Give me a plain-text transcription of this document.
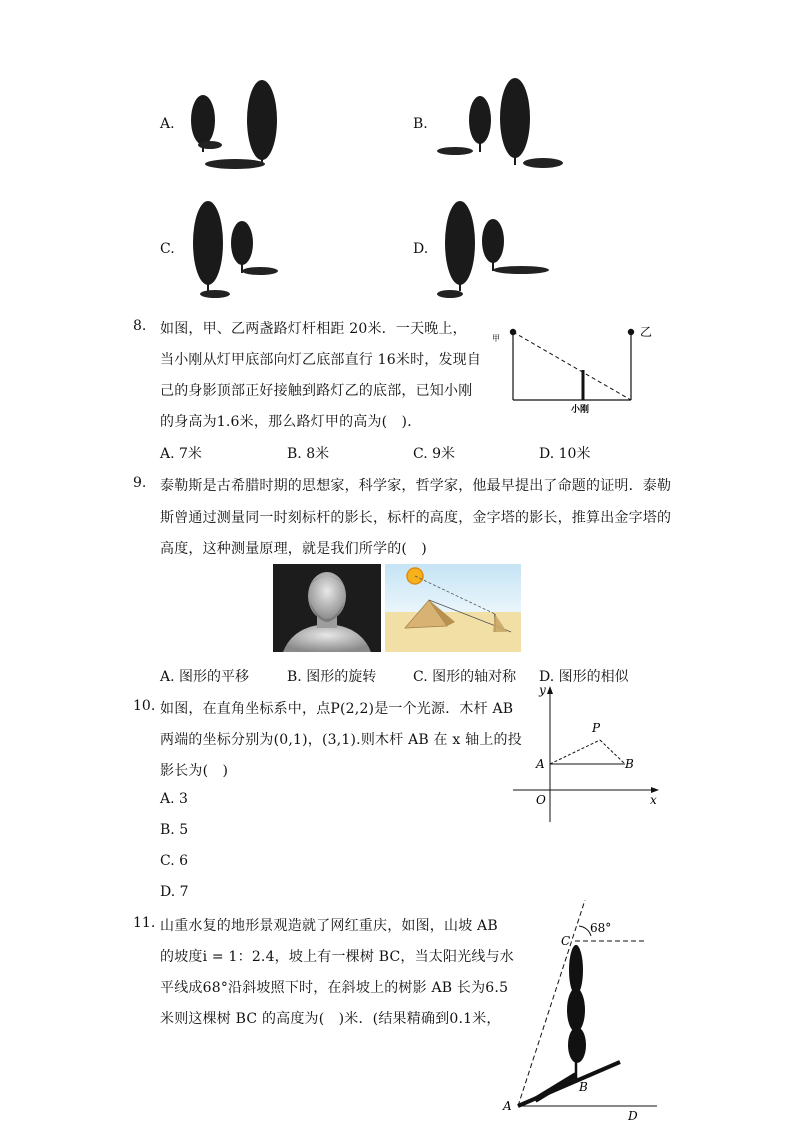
A.	B.
C.	D.
8. 如图，甲、乙两盏路灯杆相距 20米．一天晚上，
当小刚从灯甲底部向灯乙底部直行 16米时，发现自
己的身影顶部正好接触到路灯乙的底部，已知小刚
的身高为1.6米，那么路灯甲的高为(　)．
甲	乙
小刚
A. 7米	B. 8米	C. 9米	D. 10米
9. 泰勒斯是古希腊时期的思想家，科学家，哲学家，他最早提出了命题的证明．泰勒
斯曾通过测量同一时刻标杆的影长，标杆的高度，金字塔的影长，推算出金字塔的
高度，这种测量原理，就是我们所学的(　)
A. 图形的平移	B. 图形的旋转	C. 图形的轴对称 D. 图形的相似
10. 如图，在直角坐标系中，点P(2,2)是一个光源．木杆 AB
两端的坐标分别为(0,1)，(3,1).则木杆 AB 在 x 轴上的投
影长为(　)
y
x
O
A	B
P
A. 3
B. 5
C. 6
D. 7
11. 山重水复的地形景观造就了网红重庆，如图，山坡 AB
的坡度i = 1：2.4，坡上有一棵树 BC，当太阳光线与水
平线成68°沿斜坡照下时，在斜坡上的树影 AB 长为6.5
米则这棵树 BC 的高度为(　)米．(结果精确到0.1米，
68°
C
B
A
D
